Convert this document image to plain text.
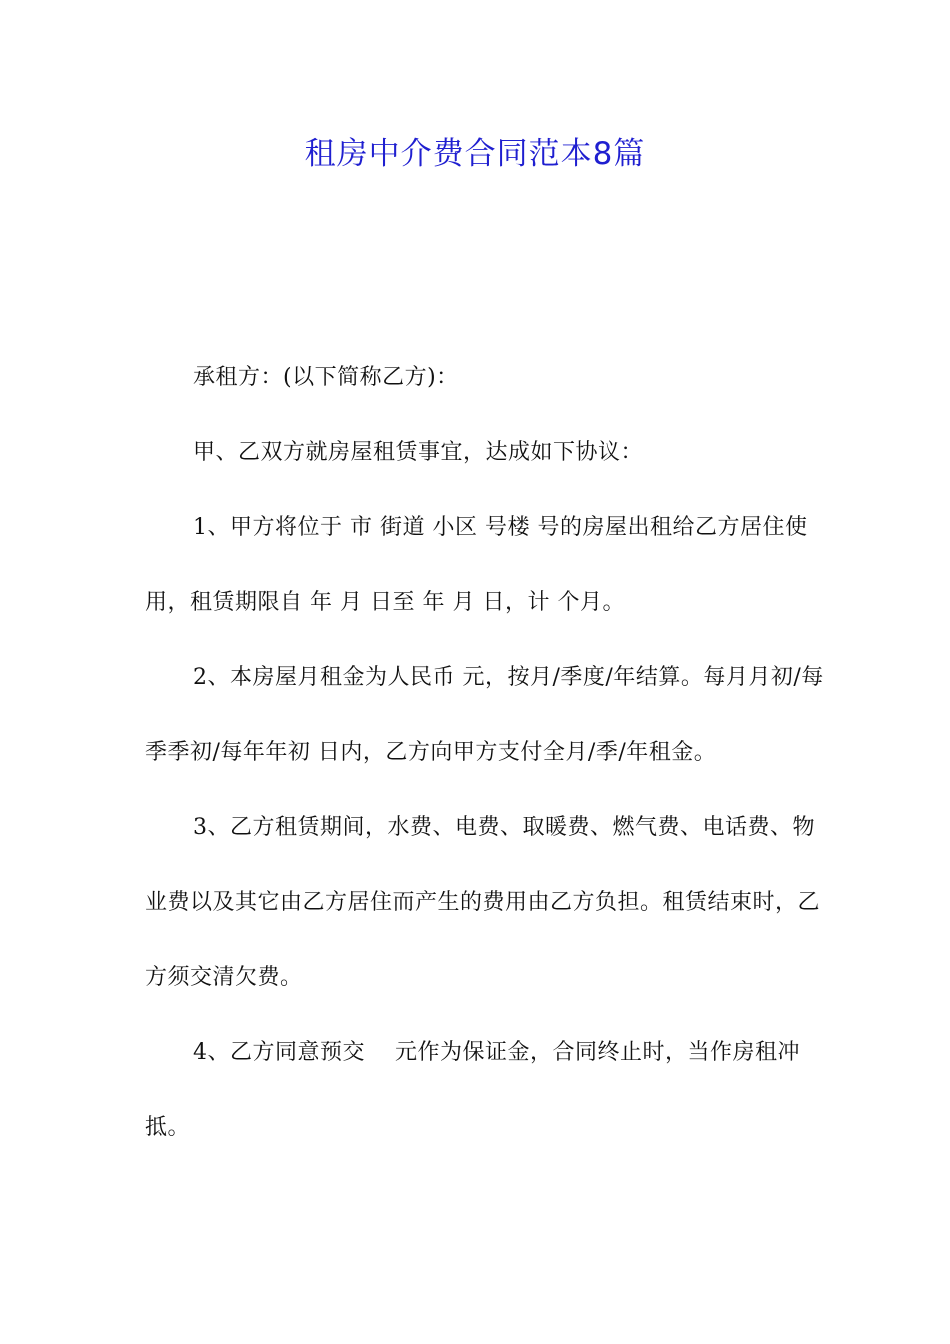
租房中介费合同范本8篇

承租方：(以下简称乙方)：

甲、乙双方就房屋租赁事宜，达成如下协议：

1、甲方将位于 市 街道 小区 号楼 号的房屋出租给乙方居住使用，租赁期限自 年 月 日至 年 月 日，计 个月。

2、本房屋月租金为人民币 元，按月/季度/年结算。每月月初/每季季初/每年年初 日内，乙方向甲方支付全月/季/年租金。

3、乙方租赁期间，水费、电费、取暖费、燃气费、电话费、物业费以及其它由乙方居住而产生的费用由乙方负担。租赁结束时，乙方须交清欠费。

4、乙方同意预交    元作为保证金，合同终止时，当作房租冲抵。
